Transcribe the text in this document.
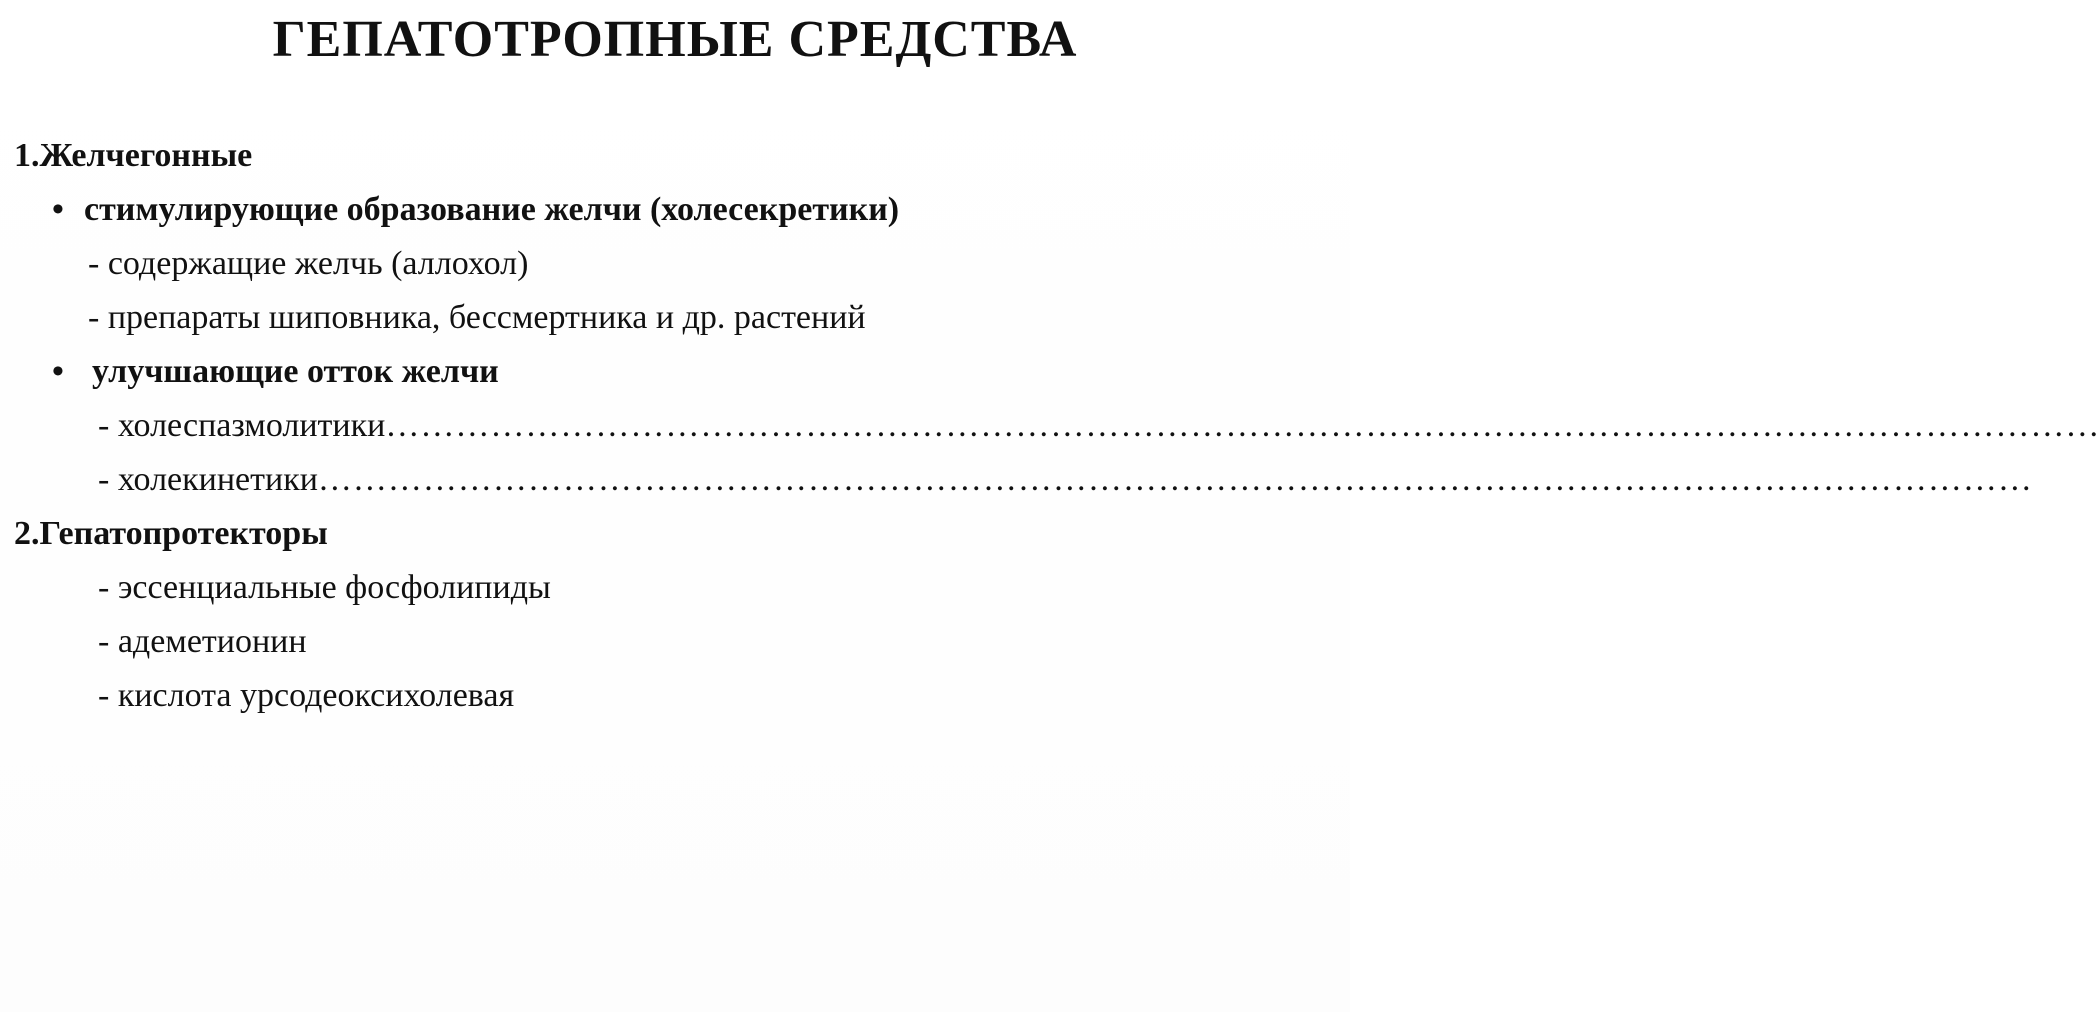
ГЕПАТОТРОПНЫЕ СРЕДСТВА
1.Желчегонные
• стимулирующие образование желчи (холесекретики)
- содержащие желчь (аллохол)
- препараты шиповника, бессмертника и др. растений
• улучшающие отток желчи
- холеспазмолитики …………………………………………………………………………………………………………………………………
- холекинетики …………………………………………………………………………………………………………………………………
2.Гепатопротекторы
- эссенциальные фосфолипиды
- адеметионин
- кислота урсодеоксихолевая
